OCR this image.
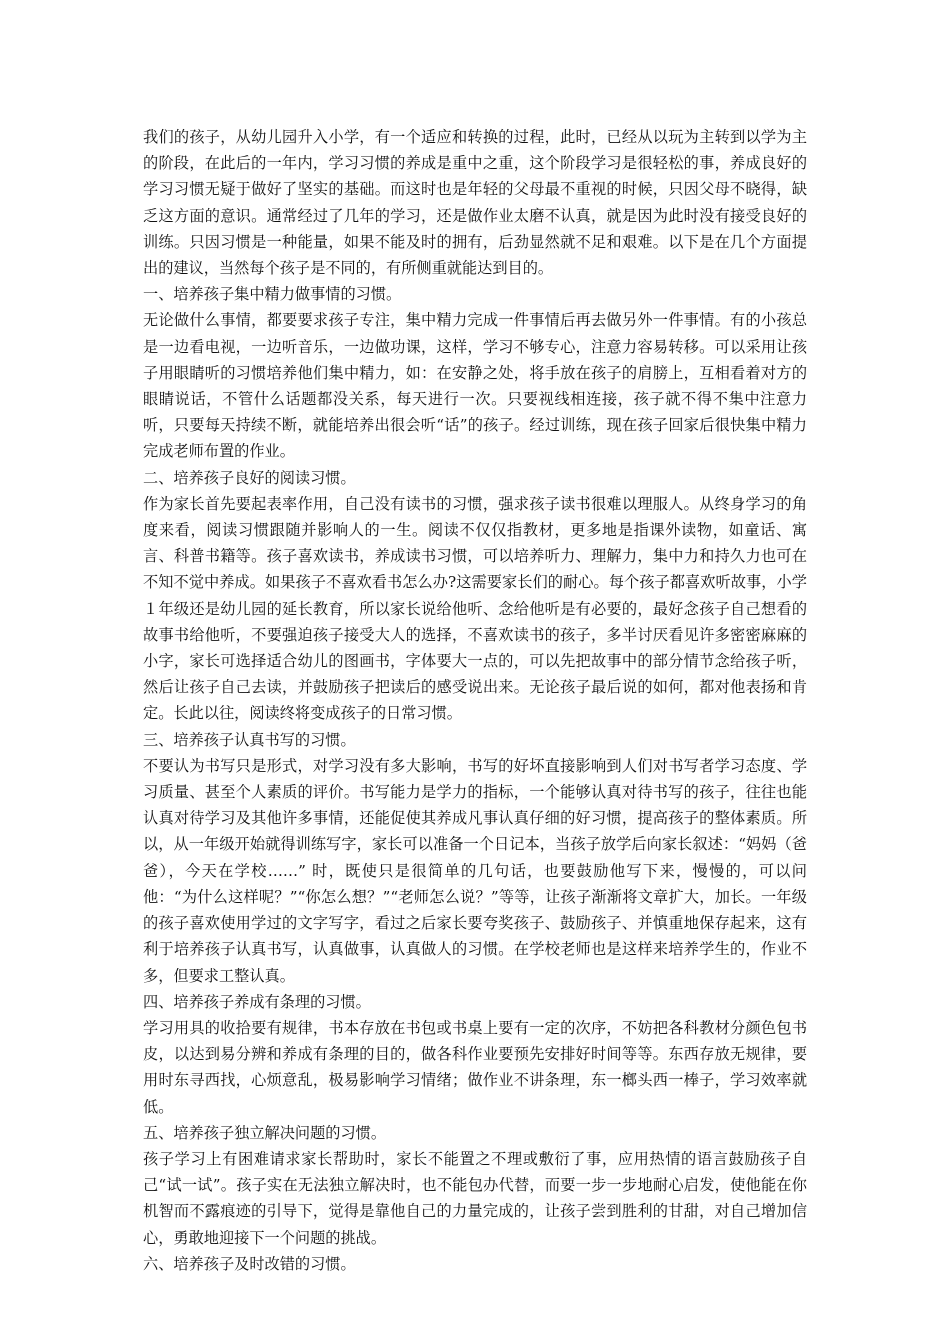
我们的孩子，从幼儿园升入小学，有一个适应和转换的过程，此时，已经从以玩为主转到以学为主的阶段，在此后的一年内，学习习惯的养成是重中之重，这个阶段学习是很轻松的事，养成良好的学习习惯无疑于做好了坚实的基础。而这时也是年轻的父母最不重视的时候，只因父母不晓得，缺乏这方面的意识。通常经过了几年的学习，还是做作业太磨不认真，就是因为此时没有接受良好的训练。只因习惯是一种能量，如果不能及时的拥有，后劲显然就不足和艰难。以下是在几个方面提出的建议，当然每个孩子是不同的，有所侧重就能达到目的。

一、培养孩子集中精力做事情的习惯。

无论做什么事情，都要要求孩子专注，集中精力完成一件事情后再去做另外一件事情。有的小孩总是一边看电视，一边听音乐，一边做功课，这样，学习不够专心，注意力容易转移。可以采用让孩子用眼睛听的习惯培养他们集中精力，如：在安静之处，将手放在孩子的肩膀上，互相看着对方的眼睛说话，不管什么话题都没关系，每天进行一次。只要视线相连接，孩子就不得不集中注意力听，只要每天持续不断，就能培养出很会听“话”的孩子。经过训练，现在孩子回家后很快集中精力完成老师布置的作业。

二、培养孩子良好的阅读习惯。

作为家长首先要起表率作用，自己没有读书的习惯，强求孩子读书很难以理服人。从终身学习的角度来看，阅读习惯跟随并影响人的一生。阅读不仅仅指教材，更多地是指课外读物，如童话、寓言、科普书籍等。孩子喜欢读书，养成读书习惯，可以培养听力、理解力，集中力和持久力也可在不知不觉中养成。如果孩子不喜欢看书怎么办?这需要家长们的耐心。每个孩子都喜欢听故事，小学１年级还是幼儿园的延长教育，所以家长说给他听、念给他听是有必要的，最好念孩子自己想看的故事书给他听，不要强迫孩子接受大人的选择，不喜欢读书的孩子，多半讨厌看见许多密密麻麻的小字，家长可选择适合幼儿的图画书，字体要大一点的，可以先把故事中的部分情节念给孩子听，然后让孩子自己去读，并鼓励孩子把读后的感受说出来。无论孩子最后说的如何，都对他表扬和肯定。长此以往，阅读终将变成孩子的日常习惯。

三、培养孩子认真书写的习惯。

不要认为书写只是形式，对学习没有多大影响，书写的好坏直接影响到人们对书写者学习态度、学习质量、甚至个人素质的评价。书写能力是学力的指标，一个能够认真对待书写的孩子，往往也能认真对待学习及其他许多事情，还能促使其养成凡事认真仔细的好习惯，提高孩子的整体素质。所以，从一年级开始就得训练写字，家长可以准备一个日记本，当孩子放学后向家长叙述：“妈妈（爸爸），今天在学校……” 时，既使只是很简单的几句话，也要鼓励他写下来，慢慢的，可以问他：“为什么这样呢？”“你怎么想？”“老师怎么说？”等等，让孩子渐渐将文章扩大，加长。一年级的孩子喜欢使用学过的文字写字，看过之后家长要夸奖孩子、鼓励孩子、并慎重地保存起来，这有利于培养孩子认真书写，认真做事，认真做人的习惯。在学校老师也是这样来培养学生的，作业不多，但要求工整认真。

四、培养孩子养成有条理的习惯。

学习用具的收拾要有规律，书本存放在书包或书桌上要有一定的次序，不妨把各科教材分颜色包书皮，以达到易分辨和养成有条理的目的，做各科作业要预先安排好时间等等。东西存放无规律，要用时东寻西找，心烦意乱，极易影响学习情绪；做作业不讲条理，东一榔头西一棒子，学习效率就低。

五、培养孩子独立解决问题的习惯。

孩子学习上有困难请求家长帮助时，家长不能置之不理或敷衍了事，应用热情的语言鼓励孩子自己“试一试”。孩子实在无法独立解决时，也不能包办代替，而要一步一步地耐心启发，使他能在你机智而不露痕迹的引导下，觉得是靠他自己的力量完成的，让孩子尝到胜利的甘甜，对自己增加信心，勇敢地迎接下一个问题的挑战。

六、培养孩子及时改错的习惯。
